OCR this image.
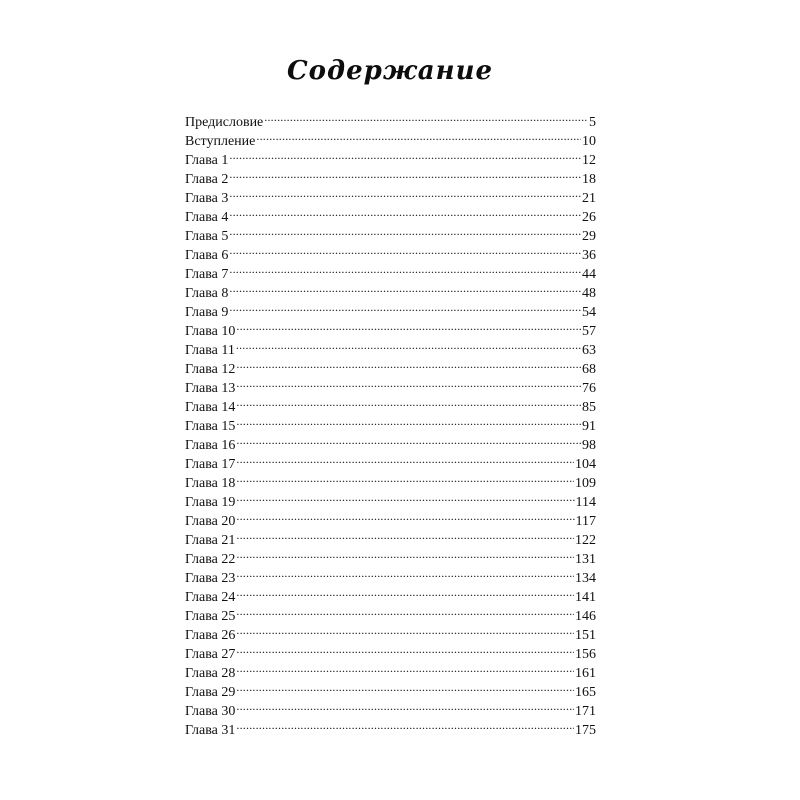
Содержание
Предисловие .....	5
Вступление .....	10
Глава 1 .....	12
Глава 2 .....	18
Глава 3 .....	21
Глава 4 .....	26
Глава 5 .....	29
Глава 6 .....	36
Глава 7 .....	44
Глава 8 .....	48
Глава 9 .....	54
Глава 10 .....	57
Глава 11 .....	63
Глава 12 .....	68
Глава 13 .....	76
Глава 14 .....	85
Глава 15 .....	91
Глава 16 .....	98
Глава 17 .....	104
Глава 18 .....	109
Глава 19 .....	114
Глава 20 .....	117
Глава 21 .....	122
Глава 22 .....	131
Глава 23 .....	134
Глава 24 .....	141
Глава 25 .....	146
Глава 26 .....	151
Глава 27 .....	156
Глава 28 .....	161
Глава 29 .....	165
Глава 30 .....	171
Глава 31 .....	175
